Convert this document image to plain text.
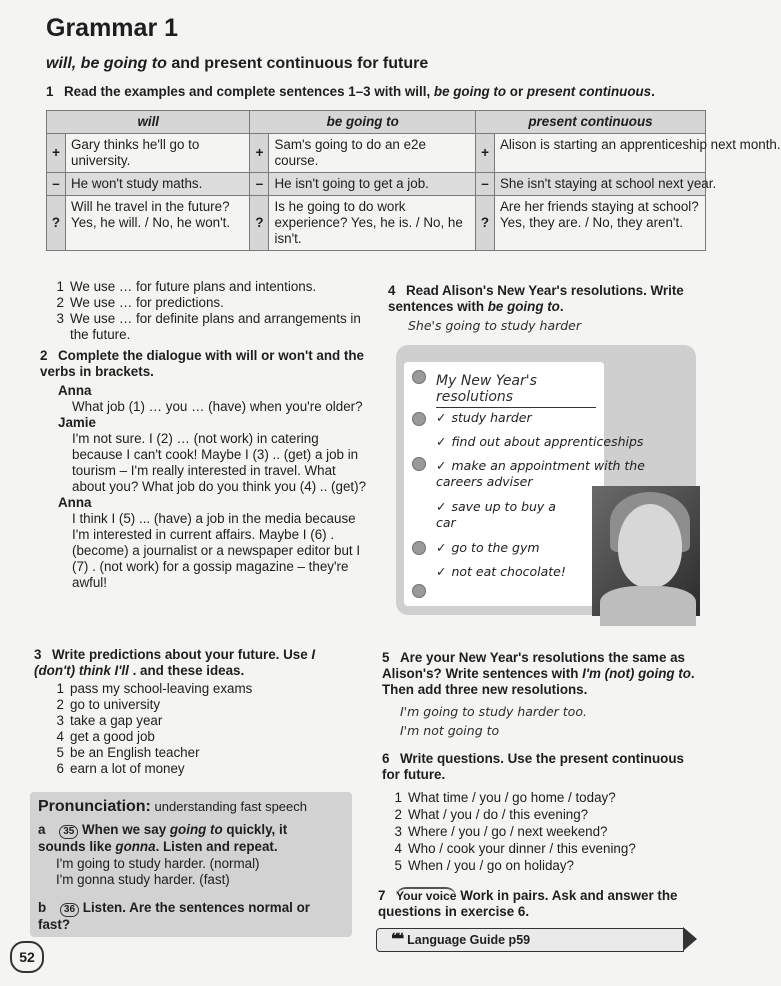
Grammar 1
will, be going to and present continuous for future
1 Read the examples and complete sentences 1–3 with will, be going to or present continuous.
will		be going to		present continuous	
+	Gary thinks he'll go to university.	+	Sam's going to do an e2e course.	+	Alison is starting an apprenticeship next month.
–	He won't study maths.	–	He isn't going to get a job.	–	She isn't staying at school next year.
?	Will he travel in the future? Yes, he will. / No, he won't.	?	Is he going to do work experience? Yes, he is. / No, he isn't.	?	Are her friends staying at school? Yes, they are. / No, they aren't.
1 We use … for future plans and intentions.
2 We use … for predictions.
3 We use … for definite plans and arrangements in the future.
2 Complete the dialogue with will or won't and the verbs in brackets.
Anna
What job (1) … you … (have) when you're older?
Jamie
I'm not sure. I (2) … (not work) in catering because I can't cook! Maybe I (3) .. (get) a job in tourism – I'm really interested in travel. What about you? What job do you think you (4) .. (get)?
Anna
I think I (5) ... (have) a job in the media because I'm interested in current affairs. Maybe I (6) . (become) a journalist or a newspaper editor but I (7) . (not work) for a gossip magazine – they're awful!
3 Write predictions about your future. Use I (don't) think I'll . and these ideas.
1 pass my school-leaving exams
2 go to university
3 take a gap year
4 get a good job
5 be an English teacher
6 earn a lot of money
Pronunciation: understanding fast speech
a 35 When we say going to quickly, it sounds like gonna. Listen and repeat.
I'm going to study harder. (normal)
I'm gonna study harder. (fast)
b 36 Listen. Are the sentences normal or fast?
52
4 Read Alison's New Year's resolutions. Write sentences with be going to.
She's going to study harder
My New Year's resolutions
✓ study harder
✓ find out about apprenticeships
✓ make an appointment with the careers adviser
✓ save up to buy a car
✓ go to the gym
✓ not eat chocolate!
5 Are your New Year's resolutions the same as Alison's? Write sentences with I'm (not) going to. Then add three new resolutions.
I'm going to study harder too.
I'm not going to
6 Write questions. Use the present continuous for future.
1 What time / you / go home / today?
2 What / you / do / this evening?
3 Where / you / go / next weekend?
4 Who / cook your dinner / this evening?
5 When / you / go on holiday?
7 Your voice Work in pairs. Ask and answer the questions in exercise 6.
❝❝ Language Guide p59
